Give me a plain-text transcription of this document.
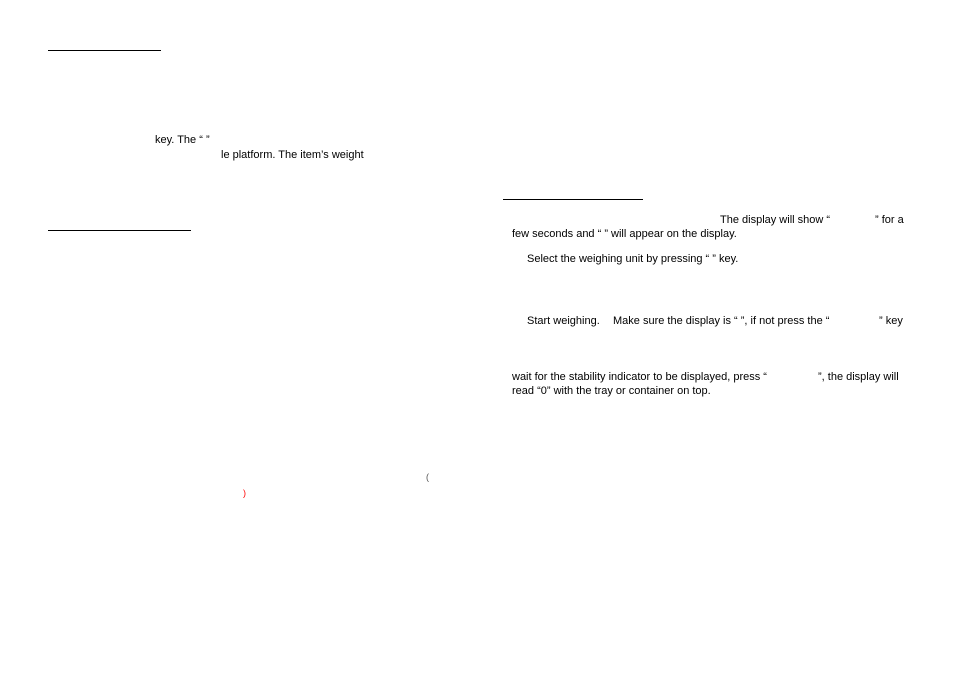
key. The “ ”
le platform. The item’s weight
(
)
The display will show “	” for a
few seconds and “ ” will appear on the display.
Select the weighing unit by pressing “ ” key.
Start weighing. Make sure the display is “ ”, if not press the “	” key
wait for the stability indicator to be displayed, press “	”, the display will
read “0” with the tray or container on top.
